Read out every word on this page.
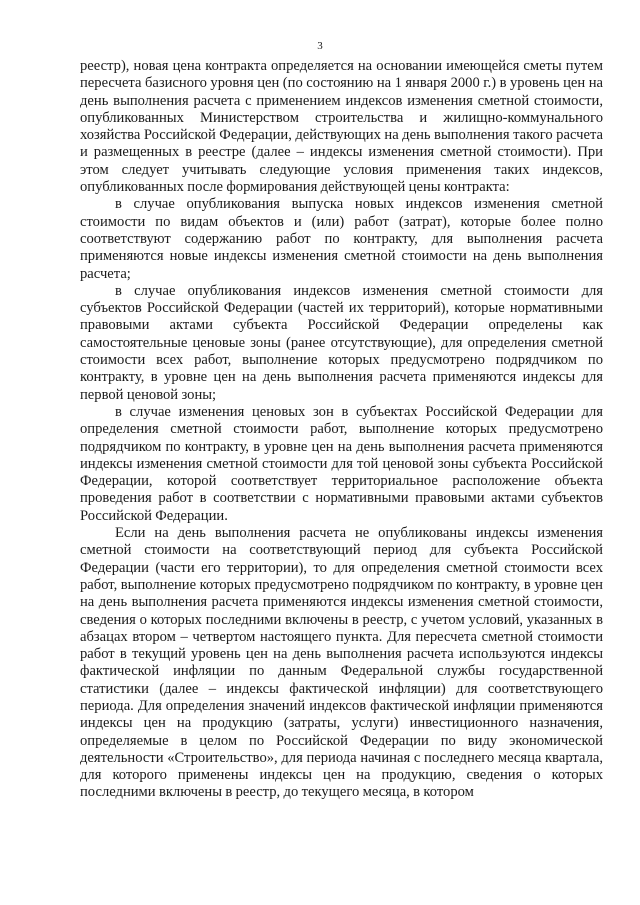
3

реестр), новая цена контракта определяется на основании имеющейся сметы путем пересчета базисного уровня цен (по состоянию на 1 января 2000 г.) в уровень цен на день выполнения расчета с применением индексов изменения сметной стоимости, опубликованных Министерством строительства и жилищно-коммунального хозяйства Российской Федерации, действующих на день выполнения такого расчета и размещенных в реестре (далее – индексы изменения сметной стоимости). При этом следует учитывать следующие условия применения таких индексов, опубликованных после формирования действующей цены контракта:

в случае опубликования выпуска новых индексов изменения сметной стоимости по видам объектов и (или) работ (затрат), которые более полно соответствуют содержанию работ по контракту, для выполнения расчета применяются новые индексы изменения сметной стоимости на день выполнения расчета;

в случае опубликования индексов изменения сметной стоимости для субъектов Российской Федерации (частей их территорий), которые нормативными правовыми актами субъекта Российской Федерации определены как самостоятельные ценовые зоны (ранее отсутствующие), для определения сметной стоимости всех работ, выполнение которых предусмотрено подрядчиком по контракту, в уровне цен на день выполнения расчета применяются индексы для первой ценовой зоны;

в случае изменения ценовых зон в субъектах Российской Федерации для определения сметной стоимости работ, выполнение которых предусмотрено подрядчиком по контракту, в уровне цен на день выполнения расчета применяются индексы изменения сметной стоимости для той ценовой зоны субъекта Российской Федерации, которой соответствует территориальное расположение объекта проведения работ в соответствии с нормативными правовыми актами субъектов Российской Федерации.

Если на день выполнения расчета не опубликованы индексы изменения сметной стоимости на соответствующий период для субъекта Российской Федерации (части его территории), то для определения сметной стоимости всех работ, выполнение которых предусмотрено подрядчиком по контракту, в уровне цен на день выполнения расчета применяются индексы изменения сметной стоимости, сведения о которых последними включены в реестр, с учетом условий, указанных в абзацах втором – четвертом настоящего пункта. Для пересчета сметной стоимости работ в текущий уровень цен на день выполнения расчета используются индексы фактической инфляции по данным Федеральной службы государственной статистики (далее – индексы фактической инфляции) для соответствующего периода. Для определения значений индексов фактической инфляции применяются индексы цен на продукцию (затраты, услуги) инвестиционного назначения, определяемые в целом по Российской Федерации по виду экономической деятельности «Строительство», для периода начиная с последнего месяца квартала, для которого применены индексы цен на продукцию, сведения о которых последними включены в реестр, до текущего месяца, в котором
